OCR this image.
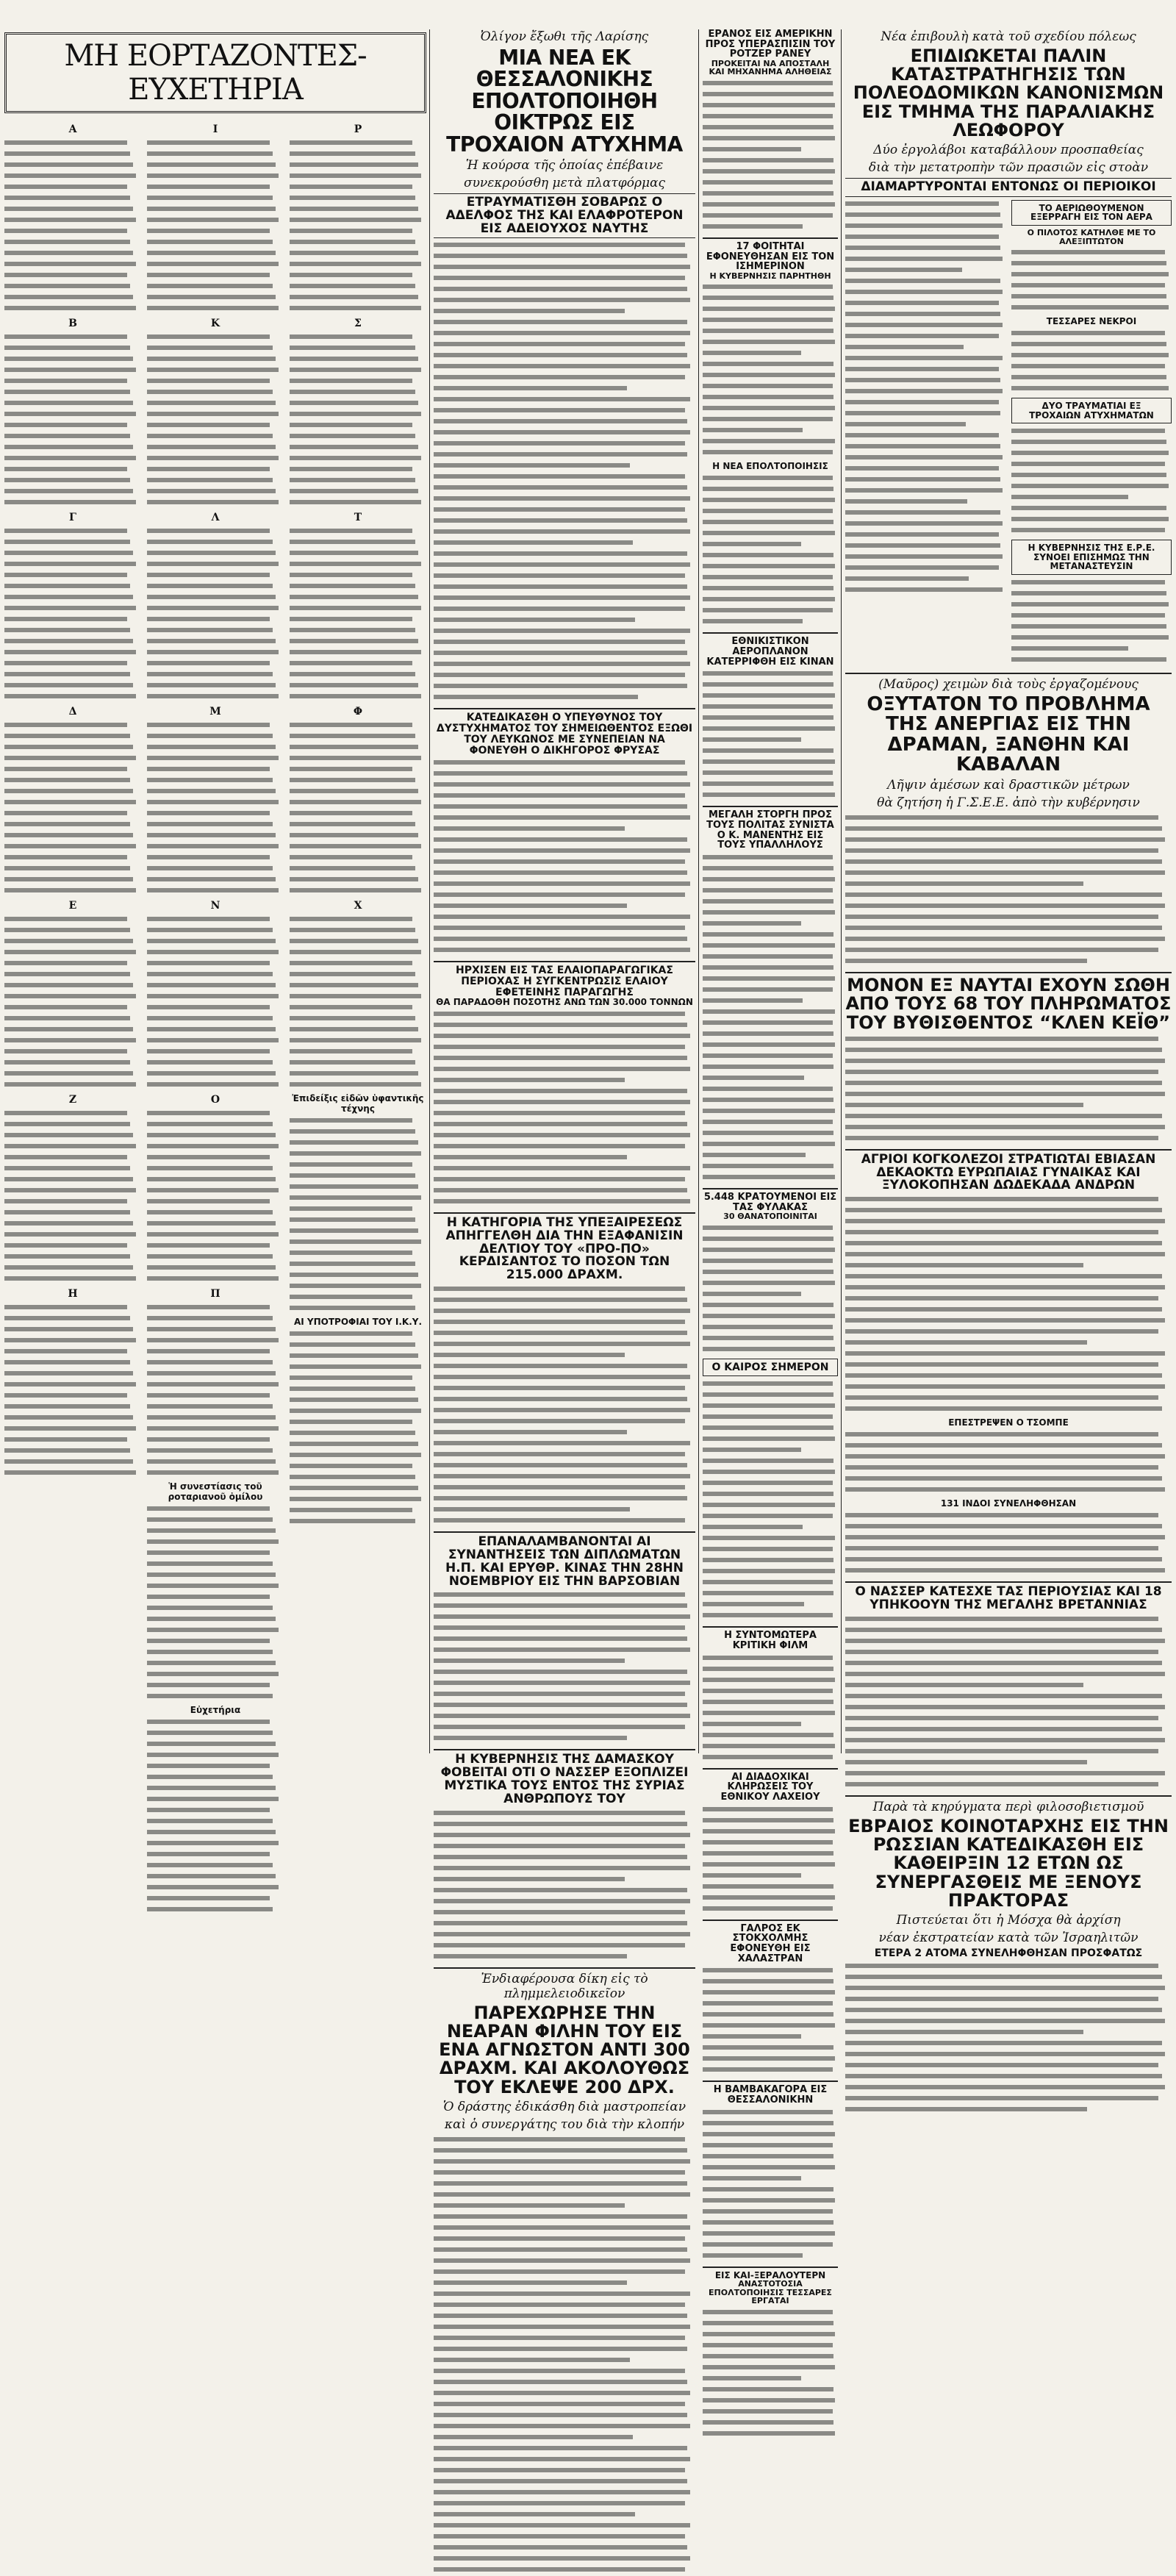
ΜΗ ΕΟΡΤΑΖΟΝΤΕΣ-ΕΥΧΕΤΗΡΙΑ
Α

Β

Γ

Δ

Ε

Ζ

Η

Ι

Κ

Λ

Μ

Ν

Ο

Π

Ἡ συνεστίασις τοῦ ροταριανοῦ ὁμίλου

Εὐχετήρια

Ρ

Σ

Τ

Φ

Χ

Ἐπιδείξις εἰδῶν ὑφαντικῆς τέχνης

ΑΙ ΥΠΟΤΡΟΦΙΑΙ ΤΟΥ Ι.Κ.Υ.

Ὀλίγον ἔξωθι τῆς Λαρίσης
ΜΙΑ ΝΕΑ ΕΚ ΘΕΣΣΑΛΟΝΙΚΗΣ ΕΠΟΛΤΟΠΟΙΗΘΗ ΟΙΚΤΡΩΣ ΕΙΣ ΤΡΟΧΑΙΟΝ ΑΤΥΧΗΜΑ
Ἡ κούρσα τῆς ὁποίας ἐπέβαινε
συνεκρούσθη μετὰ πλατφόρμας
ΕΤΡΑΥΜΑΤΙΣΘΗ ΣΟΒΑΡΩΣ Ο ΑΔΕΛΦΟΣ ΤΗΣ ΚΑΙ ΕΛΑΦΡΟΤΕΡΟΝ ΕΙΣ ΑΔΕΙΟΥΧΟΣ ΝΑΥΤΗΣ

ΚΑΤΕΔΙΚΑΣΘΗ Ο ΥΠΕΥΘΥΝΟΣ ΤΟΥ ΔΥΣΤΥΧΗΜΑΤΟΣ ΤΟΥ ΣΗΜΕΙΩΘΕΝΤΟΣ ΕΞΩΘΙ ΤΟΥ ΛΕΥΚΩΝΟΣ ΜΕ ΣΥΝΕΠΕΙΑΝ ΝΑ ΦΟΝΕΥΘΗ Ο ΔΙΚΗΓΟΡΟΣ ΦΡΥΣΑΣ

ΗΡΧΙΣΕΝ ΕΙΣ ΤΑΣ ΕΛΑΙΟΠΑΡΑΓΩΓΙΚΑΣ ΠΕΡΙΟΧΑΣ Η ΣΥΓΚΕΝΤΡΩΣΙΣ ΕΛΑΙΟΥ ΕΦΕΤΕΙΝΗΣ ΠΑΡΑΓΩΓΗΣ
ΘΑ ΠΑΡΑΔΟΘΗ ΠΟΣΟΤΗΣ ΑΝΩ ΤΩΝ 30.000 ΤΟΝΝΩΝ

Η ΚΑΤΗΓΟΡΙΑ ΤΗΣ ΥΠΕΞΑΙΡΕΣΕΩΣ ΑΠΗΓΓΕΛΘΗ ΔΙΑ ΤΗΝ ΕΞΑΦΑΝΙΣΙΝ ΔΕΛΤΙΟΥ ΤΟΥ «ΠΡΟ-ΠΟ» ΚΕΡΔΙΣΑΝΤΟΣ ΤΟ ΠΟΣΟΝ ΤΩΝ 215.000 ΔΡΑΧΜ.

ΕΠΑΝΑΛΑΜΒΑΝΟΝΤΑΙ ΑΙ ΣΥΝΑΝΤΗΣΕΙΣ ΤΩΝ ΔΙΠΛΩΜΑΤΩΝ Η.Π. ΚΑΙ ΕΡΥΘΡ. ΚΙΝΑΣ ΤΗΝ 28ΗΝ ΝΟΕΜΒΡΙΟΥ ΕΙΣ ΤΗΝ ΒΑΡΣΟΒΙΑΝ

Η ΚΥΒΕΡΝΗΣΙΣ ΤΗΣ ΔΑΜΑΣΚΟΥ ΦΟΒΕΙΤΑΙ ΟΤΙ Ο ΝΑΣΣΕΡ ΕΞΟΠΛΙΖΕΙ ΜΥΣΤΙΚΑ ΤΟΥΣ ΕΝΤΟΣ ΤΗΣ ΣΥΡΙΑΣ ΑΝΘΡΩΠΟΥΣ ΤΟΥ

Ἐνδιαφέρουσα δίκη εἰς τὸ πλημμελειοδικεῖον
ΠΑΡΕΧΩΡΗΣΕ ΤΗΝ ΝΕΑΡΑΝ ΦΙΛΗΝ ΤΟΥ ΕΙΣ ΕΝΑ ΑΓΝΩΣΤΟΝ ΑΝΤΙ 300 ΔΡΑΧΜ. ΚΑΙ ΑΚΟΛΟΥΘΩΣ ΤΟΥ ΕΚΛΕΨΕ 200 ΔΡΧ.
Ὁ δράστης ἐδικάσθη διὰ μαστροπείαν
καὶ ὁ συνεργάτης του διὰ τὴν κλοπήν

ΕΡΑΝΟΣ ΕΙΣ ΑΜΕΡΙΚΗΝ ΠΡΟΣ ΥΠΕΡΑΣΠΙΣΙΝ ΤΟΥ ΡΟΤΖΕΡ ΡΑΝΕΥ
ΠΡΟΚΕΙΤΑΙ ΝΑ ΑΠΟΣΤΑΛΗ ΚΑΙ ΜΗΧΑΝΗΜΑ ΑΛΗΘΕΙΑΣ

17 ΦΟΙΤΗΤΑΙ ΕΦΟΝΕΥΘΗΣΑΝ ΕΙΣ ΤΟΝ ΙΣΗΜΕΡΙΝΟΝ
Η ΚΥΒΕΡΝΗΣΙΣ ΠΑΡΗΤΗΘΗ

Η ΝΕΑ ΕΠΟΛΤΟΠΟΙΗΣΙΣ

ΕΘΝΙΚΙΣΤΙΚΟΝ ΑΕΡΟΠΛΑΝΟΝ ΚΑΤΕΡΡΙΦΘΗ ΕΙΣ ΚΙΝΑΝ

ΜΕΓΑΛΗ ΣΤΟΡΓΗ ΠΡΟΣ ΤΟΥΣ ΠΟΛΙΤΑΣ ΣΥΝΙΣΤΑ Ο Κ. ΜΑΝΕΝΤΗΣ ΕΙΣ ΤΟΥΣ ΥΠΑΛΛΗΛΟΥΣ

5.448 ΚΡΑΤΟΥΜΕΝΟΙ ΕΙΣ ΤΑΣ ΦΥΛΑΚΑΣ
30 ΘΑΝΑΤΟΠΟΙΝΙΤΑΙ

Ο ΚΑΙΡΟΣ ΣΗΜΕΡΟΝ

Η ΣΥΝΤΟΜΩΤΕΡΑ ΚΡΙΤΙΚΗ ΦΙΛΜ

ΑΙ ΔΙΑΔΟΧΙΚΑΙ ΚΛΗΡΩΣΕΙΣ ΤΟΥ ΕΘΝΙΚΟΥ ΛΑΧΕΙΟΥ

ΓΑΛΡΟΣ ΕΚ ΣΤΟΚΧΟΛΜΗΣ ΕΦΟΝΕΥΘΗ ΕΙΣ ΧΑΛΑΣΤΡΑΝ

Η ΒΑΜΒΑΚΑΓΟΡΑ ΕΙΣ ΘΕΣΣΑΛΟΝΙΚΗΝ

ΕΙΣ ΚΑΙ-ΞΕΡΑΛΟΥΤΕΡΝ
ΑΝΑΣΤΟΤΟΣΙΑ ΕΠΟΛΤΟΠΟΙΗΣΙΣ ΤΕΣΣΑΡΕΣ ΕΡΓΑΤΑΙ

Νέα ἐπιβουλὴ κατὰ τοῦ σχεδίου πόλεως
ΕΠΙΔΙΩΚΕΤΑΙ ΠΑΛΙΝ ΚΑΤΑΣΤΡΑΤΗΓΗΣΙΣ ΤΩΝ ΠΟΛΕΟΔΟΜΙΚΩΝ ΚΑΝΟΝΙΣΜΩΝ ΕΙΣ ΤΜΗΜΑ ΤΗΣ ΠΑΡΑΛΙΑΚΗΣ ΛΕΩΦΟΡΟΥ
Δύο ἐργολάβοι καταβάλλουν προσπαθείας
διὰ τὴν μετατροπὴν τῶν πρασιῶν εἰς στοὰν
ΔΙΑΜΑΡΤΥΡΟΝΤΑΙ ΕΝΤΟΝΩΣ ΟΙ ΠΕΡΙΟΙΚΟΙ

ΤΟ ΑΕΡΙΩΘΟΥΜΕΝΟΝ ΕΞΕΡΡΑΓΗ ΕΙΣ ΤΟΝ ΑΕΡΑ
Ο ΠΙΛΟΤΟΣ ΚΑΤΗΛΘΕ ΜΕ ΤΟ ΑΛΕΞΙΠΤΩΤΟΝ

ΤΕΣΣΑΡΕΣ ΝΕΚΡΟΙ

ΔΥΟ ΤΡΑΥΜΑΤΙΑΙ ΕΞ ΤΡΟΧΑΙΩΝ ΑΤΥΧΗΜΑΤΩΝ

Η ΚΥΒΕΡΝΗΣΙΣ ΤΗΣ Ε.Ρ.Ε. ΣΥΝΟΕΙ ΕΠΙΣΗΜΩΣ ΤΗΝ ΜΕΤΑΝΑΣΤΕΥΣΙΝ

(Μαῦρος) χειμὼν διὰ τοὺς ἐργαζομένους
ΟΞΥΤΑΤΟΝ ΤΟ ΠΡΟΒΛΗΜΑ ΤΗΣ ΑΝΕΡΓΙΑΣ ΕΙΣ ΤΗΝ ΔΡΑΜΑΝ, ΞΑΝΘΗΝ ΚΑΙ ΚΑΒΑΛΑΝ
Λῆψιν ἀμέσων καὶ δραστικῶν μέτρων
θὰ ζητήση ἡ Γ.Σ.Ε.Ε. ἀπὸ τὴν κυβέρνησιν

ΜΟΝΟΝ ΕΞ ΝΑΥΤΑΙ ΕΧΟΥΝ ΣΩΘΗ ΑΠΟ ΤΟΥΣ 68 ΤΟΥ ΠΛΗΡΩΜΑΤΟΣ ΤΟΥ ΒΥΘΙΣΘΕΝΤΟΣ “ΚΛΕΝ ΚΕΪΘ”

ΑΓΡΙΟΙ ΚΟΓΚΟΛΕΖΟΙ ΣΤΡΑΤΙΩΤΑΙ ΕΒΙΑΣΑΝ ΔΕΚΑΟΚΤΩ ΕΥΡΩΠΑΙΑΣ ΓΥΝΑΙΚΑΣ ΚΑΙ ΞΥΛΟΚΟΠΗΣΑΝ ΔΩΔΕΚΑΔΑ ΑΝΔΡΩΝ

ΕΠΕΣΤΡΕΨΕΝ Ο ΤΣΟΜΠΕ

131 ΙΝΔΟΙ ΣΥΝΕΛΗΦΘΗΣΑΝ

Ο ΝΑΣΣΕΡ ΚΑΤΕΣΧΕ ΤΑΣ ΠΕΡΙΟΥΣΙΑΣ ΚΑΙ 18 ΥΠΗΚΟΟΥΝ ΤΗΣ ΜΕΓΑΛΗΣ ΒΡΕΤΑΝΝΙΑΣ

Παρὰ τὰ κηρύγματα περὶ φιλοσοβιετισμοῦ
ΕΒΡΑΙΟΣ ΚΟΙΝΟΤΑΡΧΗΣ ΕΙΣ ΤΗΝ ΡΩΣΣΙΑΝ ΚΑΤΕΔΙΚΑΣΘΗ ΕΙΣ ΚΑΘΕΙΡΞΙΝ 12 ΕΤΩΝ ΩΣ ΣΥΝΕΡΓΑΣΘΕΙΣ ΜΕ ΞΕΝΟΥΣ ΠΡΑΚΤΟΡΑΣ
Πιστεύεται ὅτι ἡ Μόσχα θὰ ἀρχίση
νέαν ἐκστρατείαν κατὰ τῶν Ἰσραηλιτῶν
ΕΤΕΡΑ 2 ΑΤΟΜΑ ΣΥΝΕΛΗΦΘΗΣΑΝ ΠΡΟΣΦΑΤΩΣ
